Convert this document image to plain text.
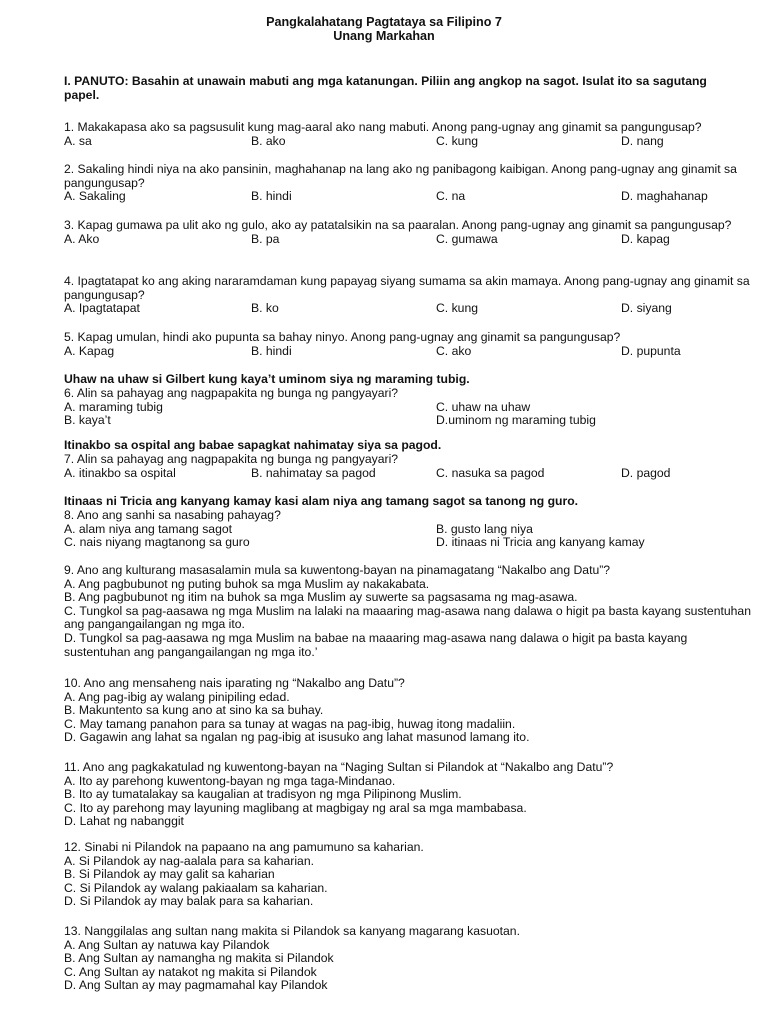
Pangkalahatang Pagtataya sa Filipino 7
Unang Markahan
I. PANUTO: Basahin at unawain mabuti ang mga katanungan. Piliin ang angkop na sagot. Isulat ito sa sagutang papel.
1. Makakapasa ako sa pagsusulit kung mag-aaral ako nang mabuti. Anong pang-ugnay ang ginamit sa pangungusap?
A. sa	B. ako	C. kung	D. nang
2. Sakaling hindi niya na ako pansinin, maghahanap na lang ako ng panibagong kaibigan. Anong pang-ugnay ang ginamit sa pangungusap?
A. Sakaling	B. hindi	C. na	D. maghahanap
3. Kapag gumawa pa ulit ako ng gulo, ako ay patatalsikin na sa paaralan. Anong pang-ugnay ang ginamit sa pangungusap?
A. Ako	B. pa	C. gumawa	D. kapag
4. Ipagtatapat ko ang aking nararamdaman kung papayag siyang sumama sa akin mamaya. Anong pang-ugnay ang ginamit sa pangungusap?
A. Ipagtatapat	B. ko	C. kung	D. siyang
5. Kapag umulan, hindi ako pupunta sa bahay ninyo. Anong pang-ugnay ang ginamit sa pangungusap?
A. Kapag	B. hindi	C. ako	D. pupunta
Uhaw na uhaw si Gilbert kung kaya’t uminom siya ng maraming tubig.
6. Alin sa pahayag ang nagpapakita ng bunga ng pangyayari?
A. maraming tubig	C. uhaw na uhaw
B. kaya’t	D.uminom ng maraming tubig
Itinakbo sa ospital ang babae sapagkat nahimatay siya sa pagod.
7. Alin sa pahayag ang nagpapakita ng bunga ng pangyayari?
A. itinakbo sa ospital	B. nahimatay sa pagod	C. nasuka sa pagod	D. pagod
Itinaas ni Tricia ang kanyang kamay kasi alam niya ang tamang sagot sa tanong ng guro.
8. Ano ang sanhi sa nasabing pahayag?
A. alam niya ang tamang sagot	B. gusto lang niya
C. nais niyang magtanong sa guro	D. itinaas ni Tricia ang kanyang kamay
9. Ano ang kulturang masasalamin mula sa kuwentong-bayan na pinamagatang “Nakalbo ang Datu”?
A. Ang pagbubunot ng puting buhok sa mga Muslim ay nakakabata.
B. Ang pagbubunot ng itim na buhok sa mga Muslim ay suwerte sa pagsasama ng mag-asawa.
C. Tungkol sa pag-aasawa ng mga Muslim na lalaki na maaaring mag-asawa nang dalawa o higit pa basta kayang sustentuhan ang pangangailangan ng mga ito.
D. Tungkol sa pag-aasawa ng mga Muslim na babae na maaaring mag-asawa nang dalawa o higit pa basta kayang sustentuhan ang pangangailangan ng mga ito.’
10. Ano ang mensaheng nais iparating ng “Nakalbo ang Datu”?
A. Ang pag-ibig ay walang pinipiling edad.
B. Makuntento sa kung ano at sino ka sa buhay.
C. May tamang panahon para sa tunay at wagas na pag-ibig, huwag itong madaliin.
D. Gagawin ang lahat sa ngalan ng pag-ibig at isusuko ang lahat masunod lamang ito.
11. Ano ang pagkakatulad ng kuwentong-bayan na “Naging Sultan si Pilandok at “Nakalbo ang Datu”?
A. Ito ay parehong kuwentong-bayan ng mga taga-Mindanao.
B. Ito ay tumatalakay sa kaugalian at tradisyon ng mga Pilipinong Muslim.
C. Ito ay parehong may layuning maglibang at magbigay ng aral sa mga mambabasa.
D. Lahat ng nabanggit
12. Sinabi ni Pilandok na papaano na ang pamumuno sa kaharian.
A. Si Pilandok ay nag-aalala para sa kaharian.
B. Si Pilandok ay may galit sa kaharian
C. Si Pilandok ay walang pakiaalam sa kaharian.
D. Si Pilandok ay may balak para sa kaharian.
13. Nanggilalas ang sultan nang makita si Pilandok sa kanyang magarang kasuotan.
A. Ang Sultan ay natuwa kay Pilandok
B. Ang Sultan ay namangha ng makita si Pilandok
C. Ang Sultan ay natakot ng makita si Pilandok
D. Ang Sultan ay may pagmamahal kay Pilandok
